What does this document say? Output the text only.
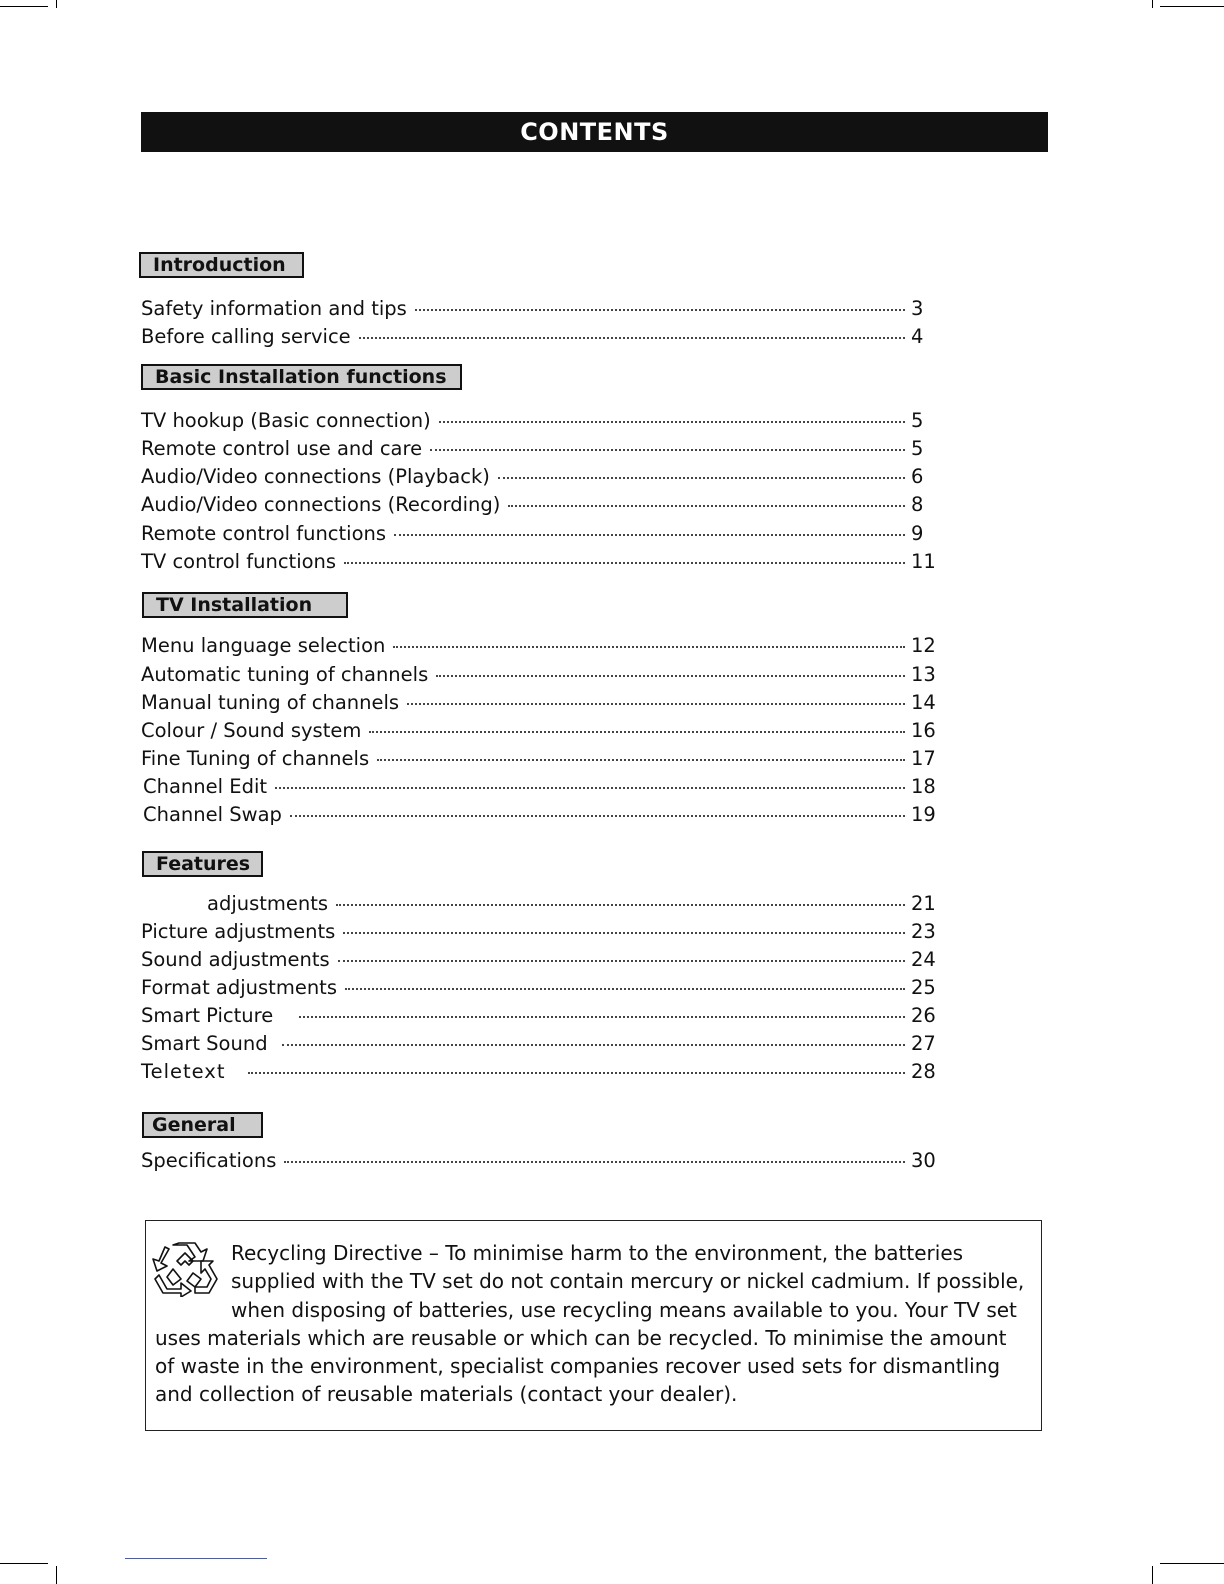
CONTENTS
Introduction
Safety information and tips	3
Before calling service	4
Basic Installation functions
TV hookup (Basic connection)	5
Remote control use and care	5
Audio/Video connections (Playback)	6
Audio/Video connections (Recording)	8
Remote control functions	9
TV control functions	11
TV Installation
Menu language selection	12
Automatic tuning of channels	13
Manual tuning of channels	14
Colour / Sound system	16
Fine Tuning of channels	17
Channel Edit	18
Channel Swap	19
Features
adjustments	21
Picture adjustments	23
Sound adjustments	24
Format adjustments	25
Smart Picture	26
Smart Sound	27
Teletext	28
General
Specifications	30
Recycling Directive – To minimise harm to the environment, the batteries supplied with the TV set do not contain mercury or nickel cadmium. If possible, when disposing of batteries, use recycling means available to you. Your TV set uses materials which are reusable or which can be recycled. To minimise the amount of waste in the environment, specialist companies recover used sets for dismantling and collection of reusable materials (contact your dealer).
